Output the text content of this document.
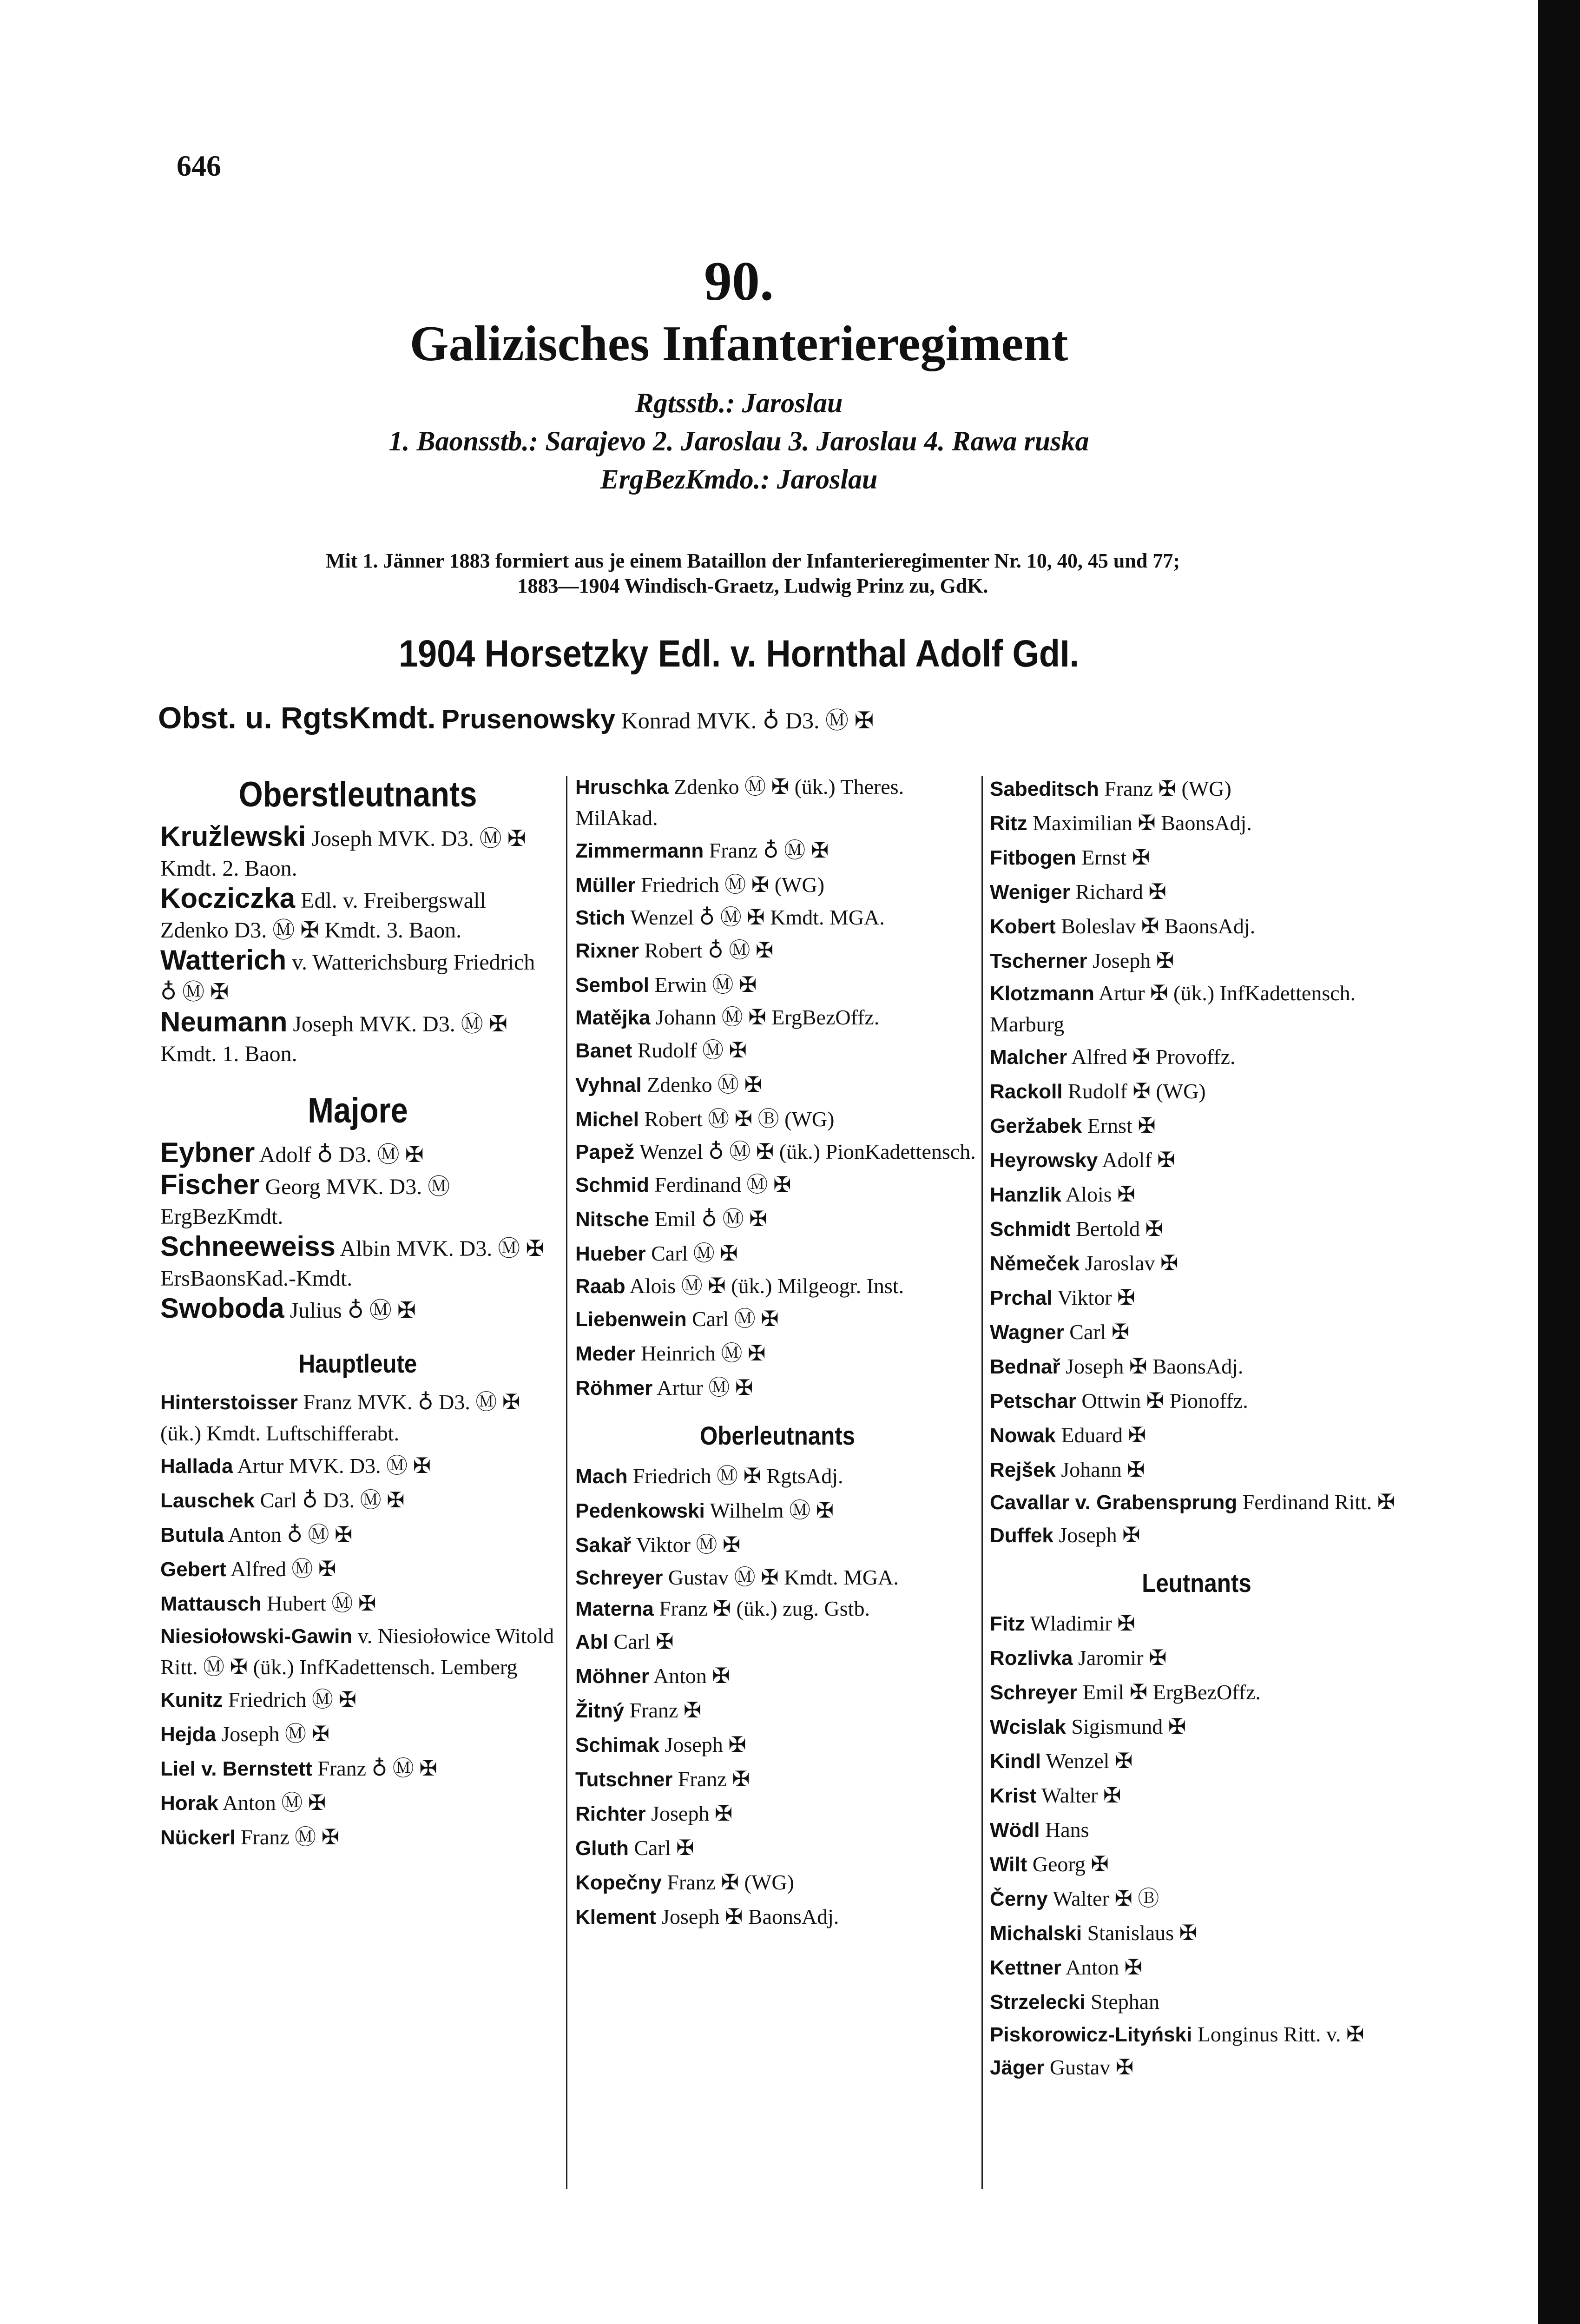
646
90.
Galizisches Infanterieregiment
Rgtsstb.: Jaroslau
1. Baonsstb.: Sarajevo 2. Jaroslau 3. Jaroslau 4. Rawa ruska
ErgBezKmdo.: Jaroslau
Mit 1. Jänner 1883 formiert aus je einem Bataillon der Infanterieregimenter Nr. 10, 40, 45 und 77;
1883—1904 Windisch-Graetz, Ludwig Prinz zu, GdK.
1904 Horsetzky Edl. v. Hornthal Adolf GdI.
Obst. u. RgtsKmdt. Prusenowsky Konrad MVK. ♁ D3. Ⓜ ✠
Oberstleutnants
Kružlewski Joseph MVK. D3. Ⓜ ✠ Kmdt. 2. Baon.
Kocziczka Edl. v. Freibergswall Zdenko D3. Ⓜ ✠ Kmdt. 3. Baon.
Watterich v. Watterichsburg Friedrich ♁ Ⓜ ✠
Neumann Joseph MVK. D3. Ⓜ ✠ Kmdt. 1. Baon.
Majore
Eybner Adolf ♁ D3. Ⓜ ✠
Fischer Georg MVK. D3. Ⓜ ErgBezKmdt.
Schneeweiss Albin MVK. D3. Ⓜ ✠ ErsBaonsKad.-Kmdt.
Swoboda Julius ♁ Ⓜ ✠
Hauptleute
Hinterstoisser Franz MVK. ♁ D3. Ⓜ ✠ (ük.) Kmdt. Luftschifferabt.
Hallada Artur MVK. D3. Ⓜ ✠
Lauschek Carl ♁ D3. Ⓜ ✠
Butula Anton ♁ Ⓜ ✠
Gebert Alfred Ⓜ ✠
Mattausch Hubert Ⓜ ✠
Niesiołowski-Gawin v. Niesiołowice Witold Ritt. Ⓜ ✠ (ük.) InfKadettensch. Lemberg
Kunitz Friedrich Ⓜ ✠
Hejda Joseph Ⓜ ✠
Liel v. Bernstett Franz ♁ Ⓜ ✠
Horak Anton Ⓜ ✠
Nückerl Franz Ⓜ ✠
Hruschka Zdenko Ⓜ ✠ (ük.) Theres. MilAkad.
Zimmermann Franz ♁ Ⓜ ✠
Müller Friedrich Ⓜ ✠ (WG)
Stich Wenzel ♁ Ⓜ ✠ Kmdt. MGA.
Rixner Robert ♁ Ⓜ ✠
Sembol Erwin Ⓜ ✠
Matějka Johann Ⓜ ✠ ErgBezOffz.
Banet Rudolf Ⓜ ✠
Vyhnal Zdenko Ⓜ ✠
Michel Robert Ⓜ ✠ Ⓑ (WG)
Papež Wenzel ♁ Ⓜ ✠ (ük.) PionKadettensch.
Schmid Ferdinand Ⓜ ✠
Nitsche Emil ♁ Ⓜ ✠
Hueber Carl Ⓜ ✠
Raab Alois Ⓜ ✠ (ük.) Milgeogr. Inst.
Liebenwein Carl Ⓜ ✠
Meder Heinrich Ⓜ ✠
Röhmer Artur Ⓜ ✠
Oberleutnants
Mach Friedrich Ⓜ ✠ RgtsAdj.
Pedenkowski Wilhelm Ⓜ ✠
Sakař Viktor Ⓜ ✠
Schreyer Gustav Ⓜ ✠ Kmdt. MGA.
Materna Franz ✠ (ük.) zug. Gstb.
Abl Carl ✠
Möhner Anton ✠
Žitný Franz ✠
Schimak Joseph ✠
Tutschner Franz ✠
Richter Joseph ✠
Gluth Carl ✠
Kopečny Franz ✠ (WG)
Klement Joseph ✠ BaonsAdj.
Sabeditsch Franz ✠ (WG)
Ritz Maximilian ✠ BaonsAdj.
Fitbogen Ernst ✠
Weniger Richard ✠
Kobert Boleslav ✠ BaonsAdj.
Tscherner Joseph ✠
Klotzmann Artur ✠ (ük.) InfKadettensch. Marburg
Malcher Alfred ✠ Provoffz.
Rackoll Rudolf ✠ (WG)
Geržabek Ernst ✠
Heyrowsky Adolf ✠
Hanzlik Alois ✠
Schmidt Bertold ✠
Němeček Jaroslav ✠
Prchal Viktor ✠
Wagner Carl ✠
Bednař Joseph ✠ BaonsAdj.
Petschar Ottwin ✠ Pionoffz.
Nowak Eduard ✠
Rejšek Johann ✠
Cavallar v. Grabensprung Ferdinand Ritt. ✠
Duffek Joseph ✠
Leutnants
Fitz Wladimir ✠
Rozlivka Jaromir ✠
Schreyer Emil ✠ ErgBezOffz.
Wcislak Sigismund ✠
Kindl Wenzel ✠
Krist Walter ✠
Wödl Hans
Wilt Georg ✠
Černy Walter ✠ Ⓑ
Michalski Stanislaus ✠
Kettner Anton ✠
Strzelecki Stephan
Piskorowicz-Lityński Longinus Ritt. v. ✠
Jäger Gustav ✠
